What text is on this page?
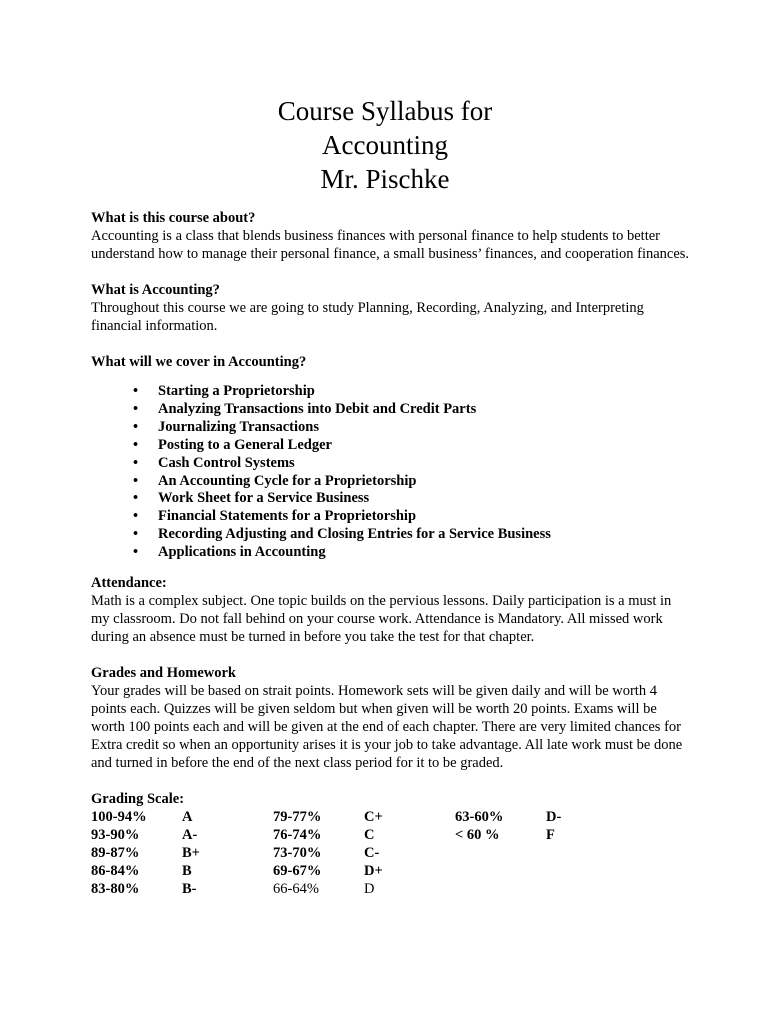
Course Syllabus for
Accounting
Mr. Pischke
What is this course about?

Accounting is a class that blends business finances with personal finance to help students to better understand how to manage their personal finance, a small business’ finances, and cooperation finances.

What is Accounting?

Throughout this course we are going to study Planning, Recording, Analyzing, and Interpreting financial information.

What will we cover in Accounting?
• Starting a Proprietorship
• Analyzing Transactions into Debit and Credit Parts
• Journalizing Transactions
• Posting to a General Ledger
• Cash Control Systems
• An Accounting Cycle for a Proprietorship
• Work Sheet for a Service Business
• Financial Statements for a Proprietorship
• Recording Adjusting and Closing Entries for a Service Business
• Applications in Accounting
Attendance:

Math is a complex subject. One topic builds on the pervious lessons. Daily participation is a must in my classroom. Do not fall behind on your course work. Attendance is Mandatory. All missed work during an absence must be turned in before you take the test for that chapter.

Grades and Homework

Your grades will be based on strait points. Homework sets will be given daily and will be worth 4 points each. Quizzes will be given seldom but when given will be worth 20 points. Exams will be worth 100 points each and will be given at the end of each chapter. There are very limited chances for Extra credit so when an opportunity arises it is your job to take advantage. All late work must be done and turned in before the end of the next class period for it to be graded.

Grading Scale:
100-94%	A	79-77%	C+	63-60%	D-
93-90%	A-	76-74%	C	< 60 %	F
89-87%	B+	73-70%	C-
86-84%	B	69-67%	D+
83-80%	B-	66-64%	D
